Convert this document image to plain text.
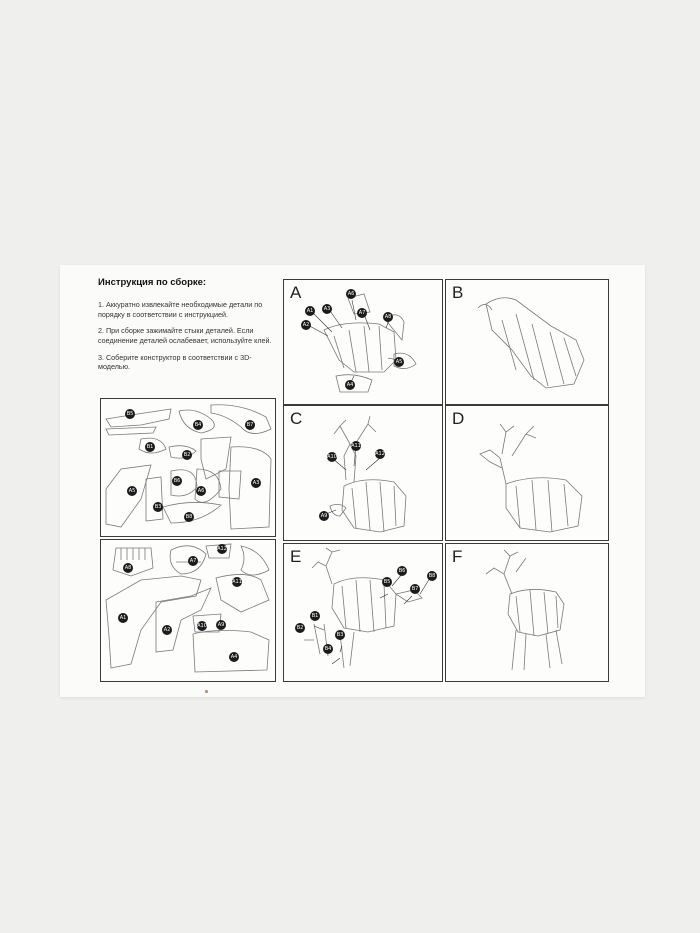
Инструкция по сборке:

1. Аккуратно извлекайте необходимые детали по порядку в соответствии с инструкцией.

2. При сборке зажимайте стыки деталей. Если соединение деталей ослабевает, используйте клей.

3. Соберите конструктор в соответствии с 3D-моделью.

B5
B4	B7
B1
B2
B6
A5	A6
A3
B3
B8
A8
A7
A12
A11
A1
A2
A10 A9
A4
A	A6
A1 A3
A2
A7
A8
A5
A4
B
C
A11
A10	A12
A9
D
E
B6
B8
B5
B7
B1
B2
B3
B4
F
